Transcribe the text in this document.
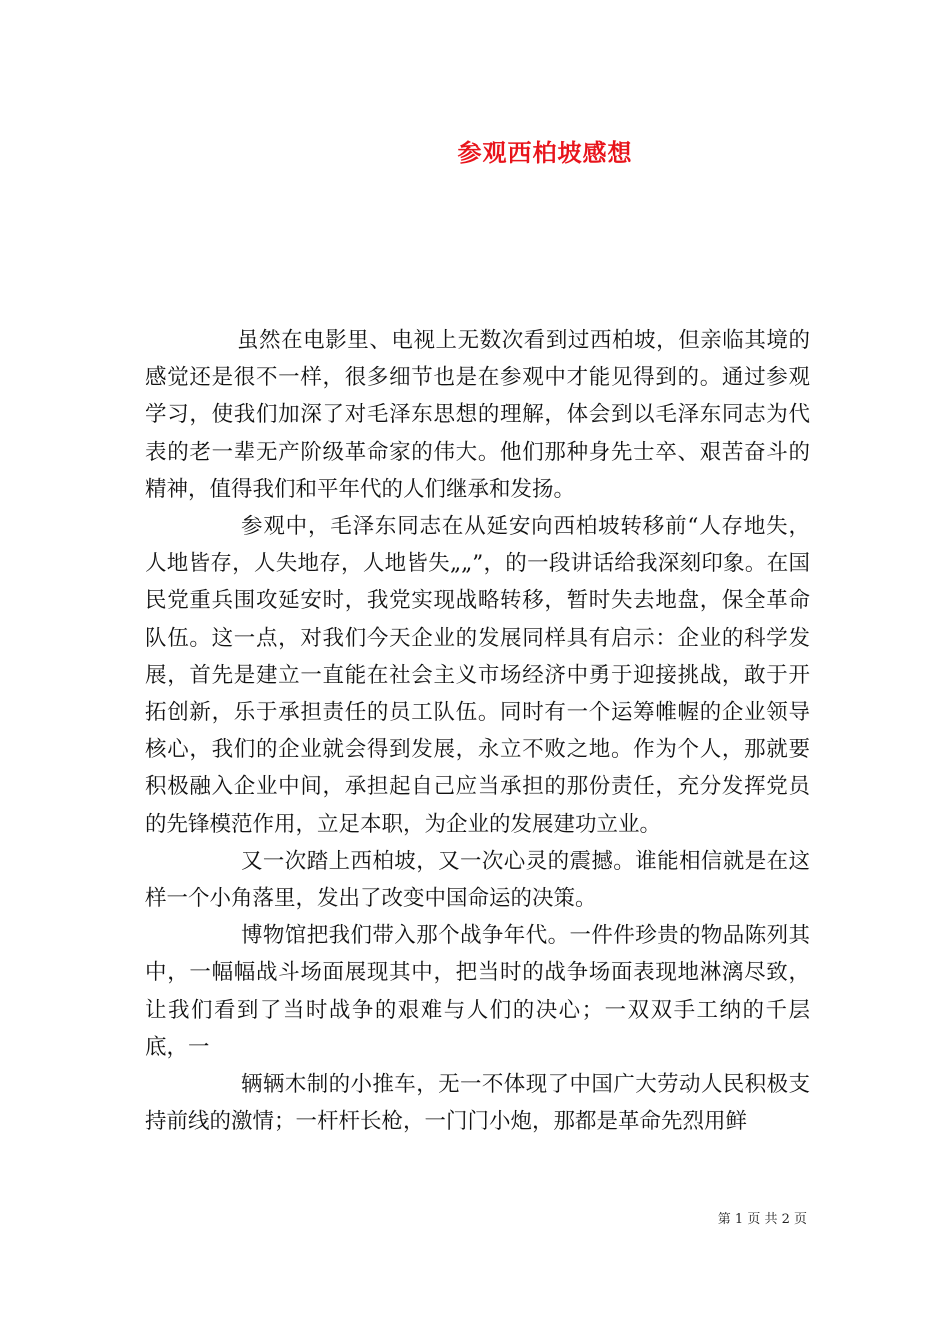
参观西柏坡感想

虽然在电影里、电视上无数次看到过西柏坡，但亲临其境的感觉还是很不一样，很多细节也是在参观中才能见得到的。通过参观学习，使我们加深了对毛泽东思想的理解，体会到以毛泽东同志为代表的老一辈无产阶级革命家的伟大。他们那种身先士卒、艰苦奋斗的精神，值得我们和平年代的人们继承和发扬。

参观中，毛泽东同志在从延安向西柏坡转移前“人存地失，人地皆存，人失地存，人地皆失„„”，的一段讲话给我深刻印象。在国民党重兵围攻延安时，我党实现战略转移，暂时失去地盘，保全革命队伍。这一点，对我们今天企业的发展同样具有启示：企业的科学发展，首先是建立一直能在社会主义市场经济中勇于迎接挑战，敢于开拓创新，乐于承担责任的员工队伍。同时有一个运筹帷幄的企业领导核心，我们的企业就会得到发展，永立不败之地。作为个人，那就要积极融入企业中间，承担起自己应当承担的那份责任，充分发挥党员的先锋模范作用，立足本职，为企业的发展建功立业。

又一次踏上西柏坡，又一次心灵的震撼。谁能相信就是在这样一个小角落里，发出了改变中国命运的决策。

博物馆把我们带入那个战争年代。一件件珍贵的物品陈列其中，一幅幅战斗场面展现其中，把当时的战争场面表现地淋漓尽致，让我们看到了当时战争的艰难与人们的决心；一双双手工纳的千层底，一

辆辆木制的小推车，无一不体现了中国广大劳动人民积极支持前线的激情；一杆杆长枪，一门门小炮，那都是革命先烈用鲜

第 1 页 共 2 页
